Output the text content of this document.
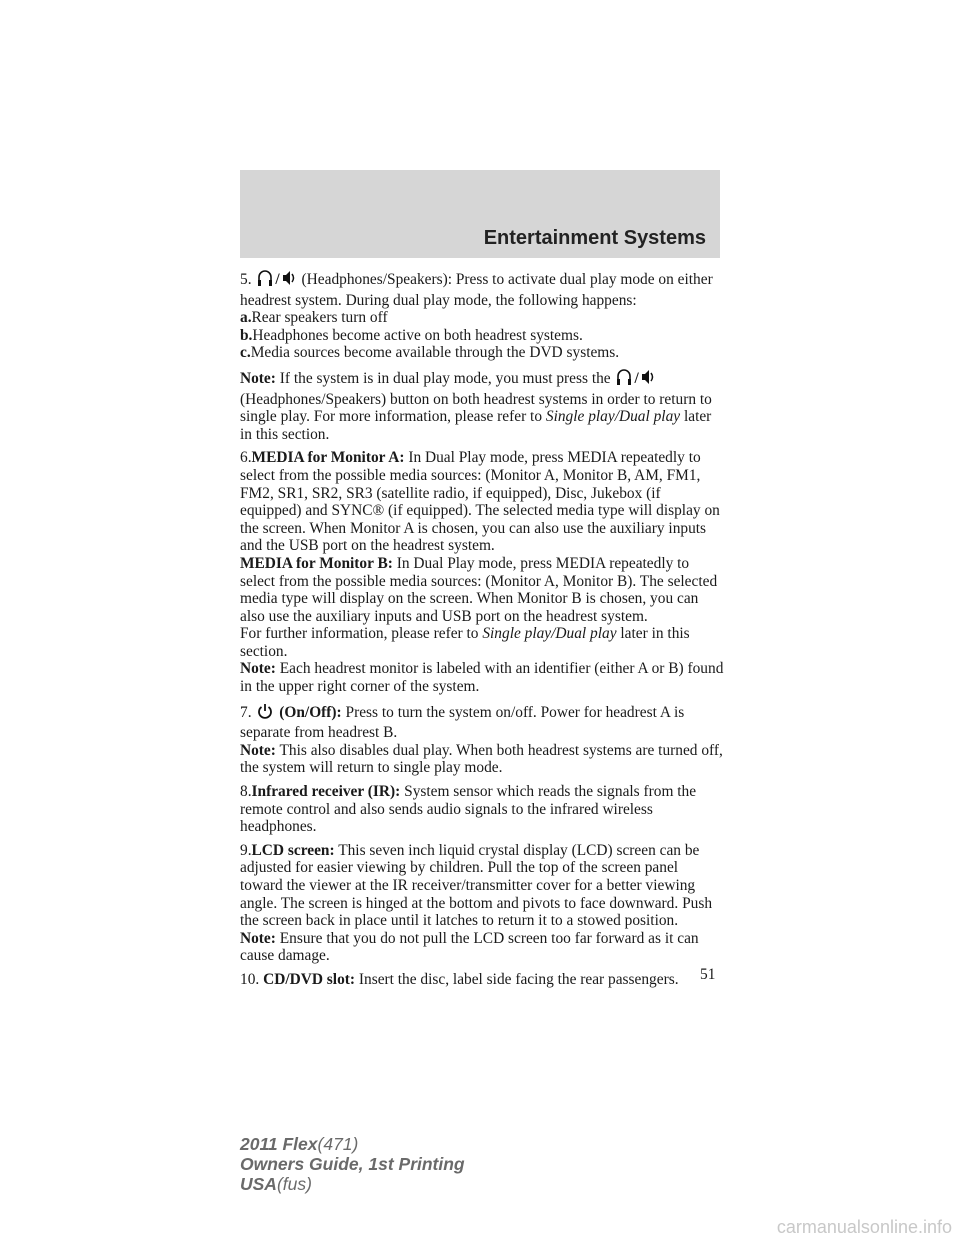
Entertainment Systems
5. / (Headphones/Speakers): Press to activate dual play mode on either headrest system. During dual play mode, the following happens:
a.Rear speakers turn off
b.Headphones become active on both headrest systems.
c.Media sources become available through the DVD systems.
Note: If the system is in dual play mode, you must press the / (Headphones/Speakers) button on both headrest systems in order to return to single play. For more information, please refer to Single play/Dual play later in this section.
6.MEDIA for Monitor A: In Dual Play mode, press MEDIA repeatedly to select from the possible media sources: (Monitor A, Monitor B, AM, FM1, FM2, SR1, SR2, SR3 (satellite radio, if equipped), Disc, Jukebox (if equipped) and SYNC® (if equipped). The selected media type will display on the screen. When Monitor A is chosen, you can also use the auxiliary inputs and the USB port on the headrest system.
MEDIA for Monitor B: In Dual Play mode, press MEDIA repeatedly to select from the possible media sources: (Monitor A, Monitor B). The selected media type will display on the screen. When Monitor B is chosen, you can also use the auxiliary inputs and USB port on the headrest system.
For further information, please refer to Single play/Dual play later in this section.
Note: Each headrest monitor is labeled with an identifier (either A or B) found in the upper right corner of the system.
7. (On/Off): Press to turn the system on/off. Power for headrest A is separate from headrest B.
Note: This also disables dual play. When both headrest systems are turned off, the system will return to single play mode.
8.Infrared receiver (IR): System sensor which reads the signals from the remote control and also sends audio signals to the infrared wireless headphones.
9.LCD screen: This seven inch liquid crystal display (LCD) screen can be adjusted for easier viewing by children. Pull the top of the screen panel toward the viewer at the IR receiver/transmitter cover for a better viewing angle. The screen is hinged at the bottom and pivots to face downward. Push the screen back in place until it latches to return it to a stowed position.
Note: Ensure that you do not pull the LCD screen too far forward as it can cause damage.
10. CD/DVD slot: Insert the disc, label side facing the rear passengers.	51
2011 Flex(471)
Owners Guide, 1st Printing
USA(fus)
carmanualsonline.info
